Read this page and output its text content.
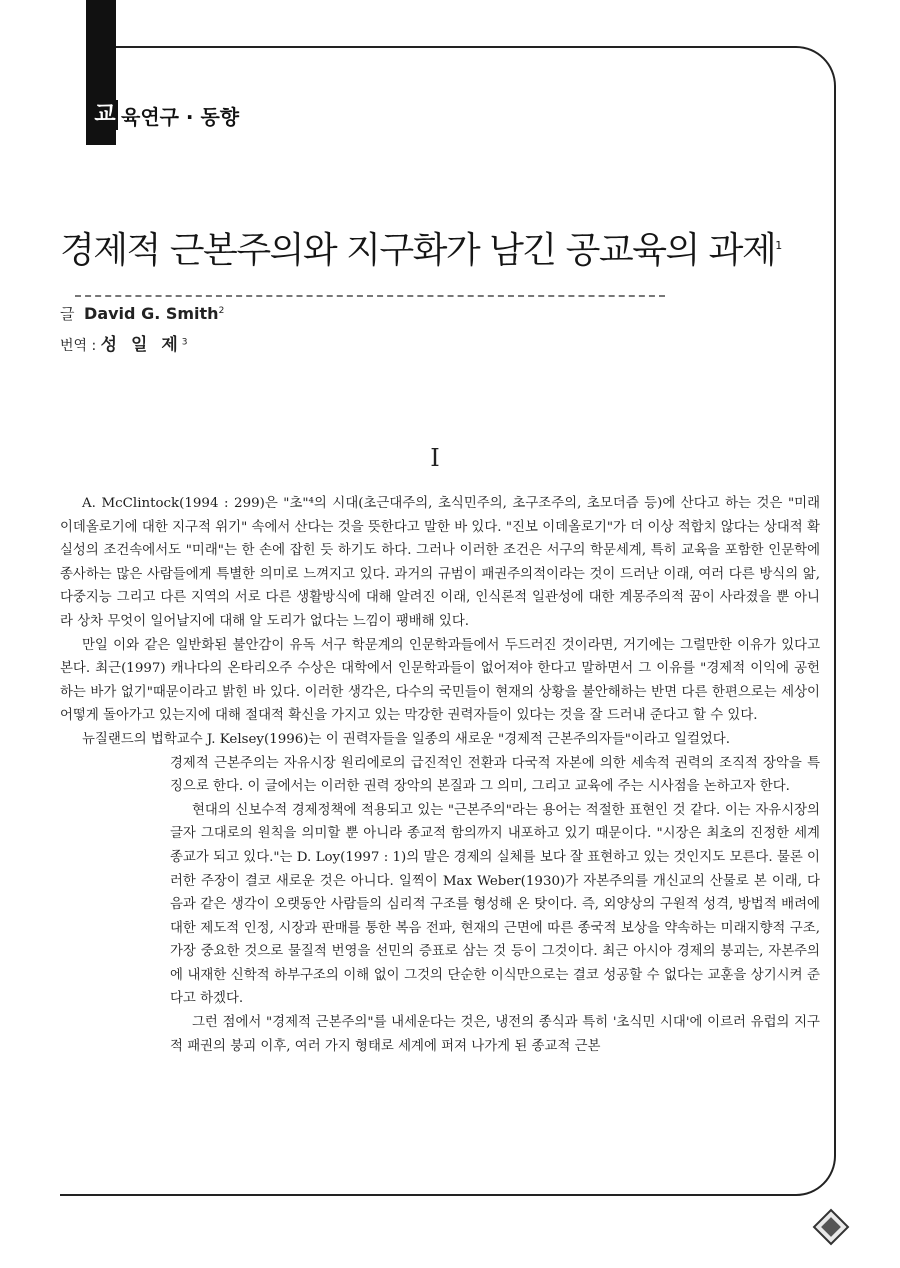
교 육연구 · 동향
경제적 근본주의와 지구화가 남긴 공교육의 과제$^1$
글 David G. Smith$^2$
번역 : 성 일 제$^3$
I

A. McClintock(1994 : 299)은 "초"⁴의 시대(초근대주의, 초식민주의, 초구조주의, 초모더즘 등)에 산다고 하는 것은 "미래 이데올로기에 대한 지구적 위기" 속에서 산다는 것을 뜻한다고 말한 바 있다. "진보 이데올로기"가 더 이상 적합치 않다는 상대적 확실성의 조건속에서도 "미래"는 한 손에 잡힌 듯 하기도 하다. 그러나 이러한 조건은 서구의 학문세계, 특히 교육을 포함한 인문학에 종사하는 많은 사람들에게 특별한 의미로 느껴지고 있다. 과거의 규범이 패권주의적이라는 것이 드러난 이래, 여러 다른 방식의 앎, 다중지능 그리고 다른 지역의 서로 다른 생활방식에 대해 알려진 이래, 인식론적 일관성에 대한 계몽주의적 꿈이 사라졌을 뿐 아니라 상차 무엇이 일어날지에 대해 알 도리가 없다는 느낌이 팽배해 있다.

만일 이와 같은 일반화된 불안감이 유독 서구 학문계의 인문학과들에서 두드러진 것이라면, 거기에는 그럴만한 이유가 있다고 본다. 최근(1997) 캐나다의 온타리오주 수상은 대학에서 인문학과들이 없어져야 한다고 말하면서 그 이유를 "경제적 이익에 공헌하는 바가 없기"때문이라고 밝힌 바 있다. 이러한 생각은, 다수의 국민들이 현재의 상황을 불안해하는 반면 다른 한편으로는 세상이 어떻게 돌아가고 있는지에 대해 절대적 확신을 가지고 있는 막강한 권력자들이 있다는 것을 잘 드러내 준다고 할 수 있다.

뉴질랜드의 법학교수 J. Kelsey(1996)는 이 권력자들을 일종의 새로운 "경제적 근본주의자들"이라고 일컬었다.

경제적 근본주의는 자유시장 원리에로의 급진적인 전환과 다국적 자본에 의한 세속적 권력의 조직적 장악을 특징으로 한다. 이 글에서는 이러한 권력 장악의 본질과 그 의미, 그리고 교육에 주는 시사점을 논하고자 한다.

현대의 신보수적 경제정책에 적용되고 있는 "근본주의"라는 용어는 적절한 표현인 것 같다. 이는 자유시장의 글자 그대로의 원칙을 의미할 뿐 아니라 종교적 함의까지 내포하고 있기 때문이다. "시장은 최초의 진정한 세계 종교가 되고 있다."는 D. Loy(1997 : 1)의 말은 경제의 실체를 보다 잘 표현하고 있는 것인지도 모른다. 물론 이러한 주장이 결코 새로운 것은 아니다. 일찍이 Max Weber(1930)가 자본주의를 개신교의 산물로 본 이래, 다음과 같은 생각이 오랫동안 사람들의 심리적 구조를 형성해 온 탓이다. 즉, 외양상의 구원적 성격, 방법적 배려에 대한 제도적 인정, 시장과 판매를 통한 복음 전파, 현재의 근면에 따른 종국적 보상을 약속하는 미래지향적 구조, 가장 중요한 것으로 물질적 번영을 선민의 증표로 삼는 것 등이 그것이다. 최근 아시아 경제의 붕괴는, 자본주의에 내재한 신학적 하부구조의 이해 없이 그것의 단순한 이식만으로는 결코 성공할 수 없다는 교훈을 상기시켜 준다고 하겠다.

그런 점에서 "경제적 근본주의"를 내세운다는 것은, 냉전의 종식과 특히 '초식민 시대'에 이르러 유럽의 지구적 패권의 붕괴 이후, 여러 가지 형태로 세계에 퍼져 나가게 된 종교적 근본
